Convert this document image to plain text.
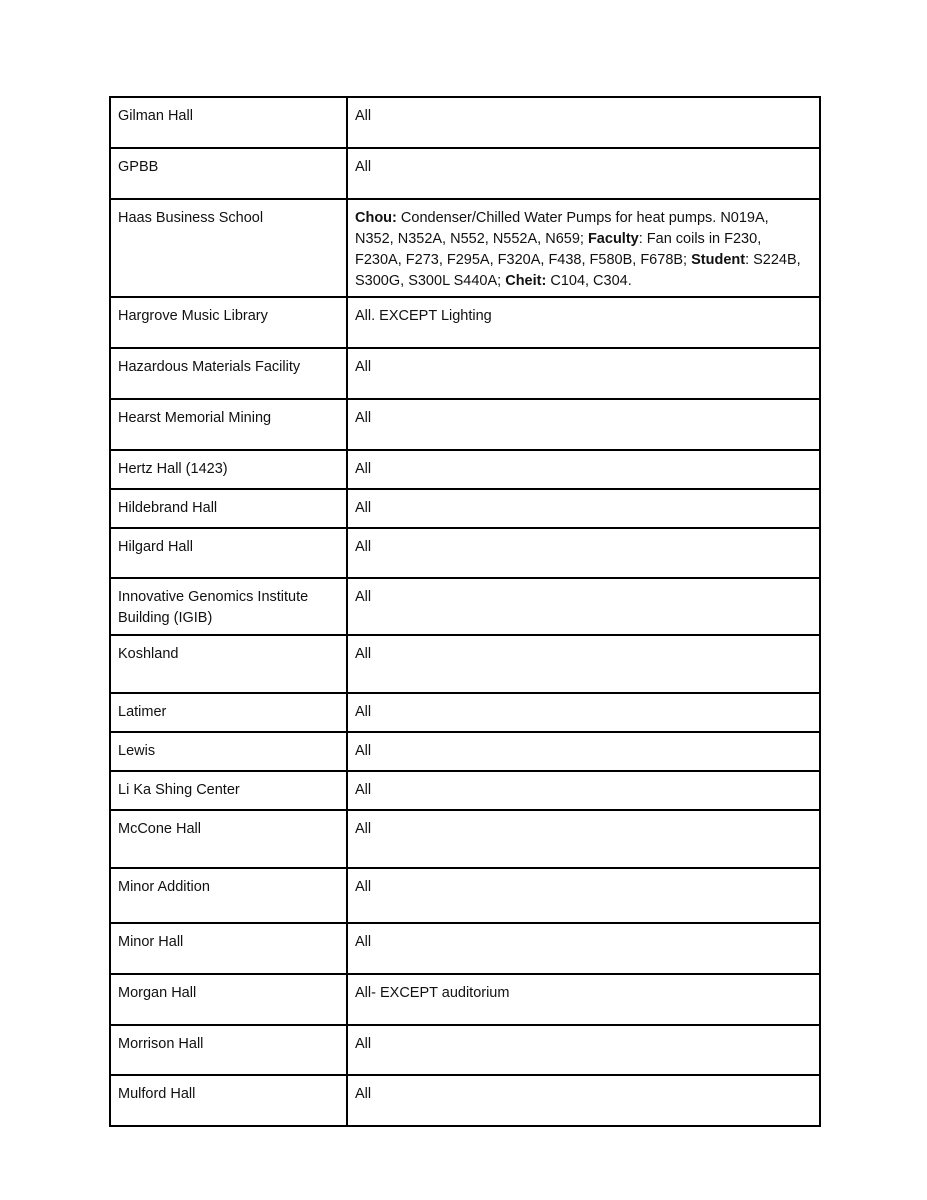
Gilman Hall	All
GPBB	All
Haas Business School	Chou: Condenser/Chilled Water Pumps for heat pumps. N019A, N352, N352A, N552, N552A, N659; Faculty: Fan coils in F230, F230A, F273, F295A, F320A, F438, F580B, F678B; Student: S224B, S300G, S300L S440A; Cheit: C104, C304.
Hargrove Music Library	All. EXCEPT Lighting
Hazardous Materials Facility	All
Hearst Memorial Mining	All
Hertz Hall (1423)	All
Hildebrand Hall	All
Hilgard Hall	All
Innovative Genomics Institute Building (IGIB)	All
Koshland	All
Latimer	All
Lewis	All
Li Ka Shing Center	All
McCone Hall	All
Minor Addition	All
Minor Hall	All
Morgan Hall	All- EXCEPT auditorium
Morrison Hall	All
Mulford Hall	All
